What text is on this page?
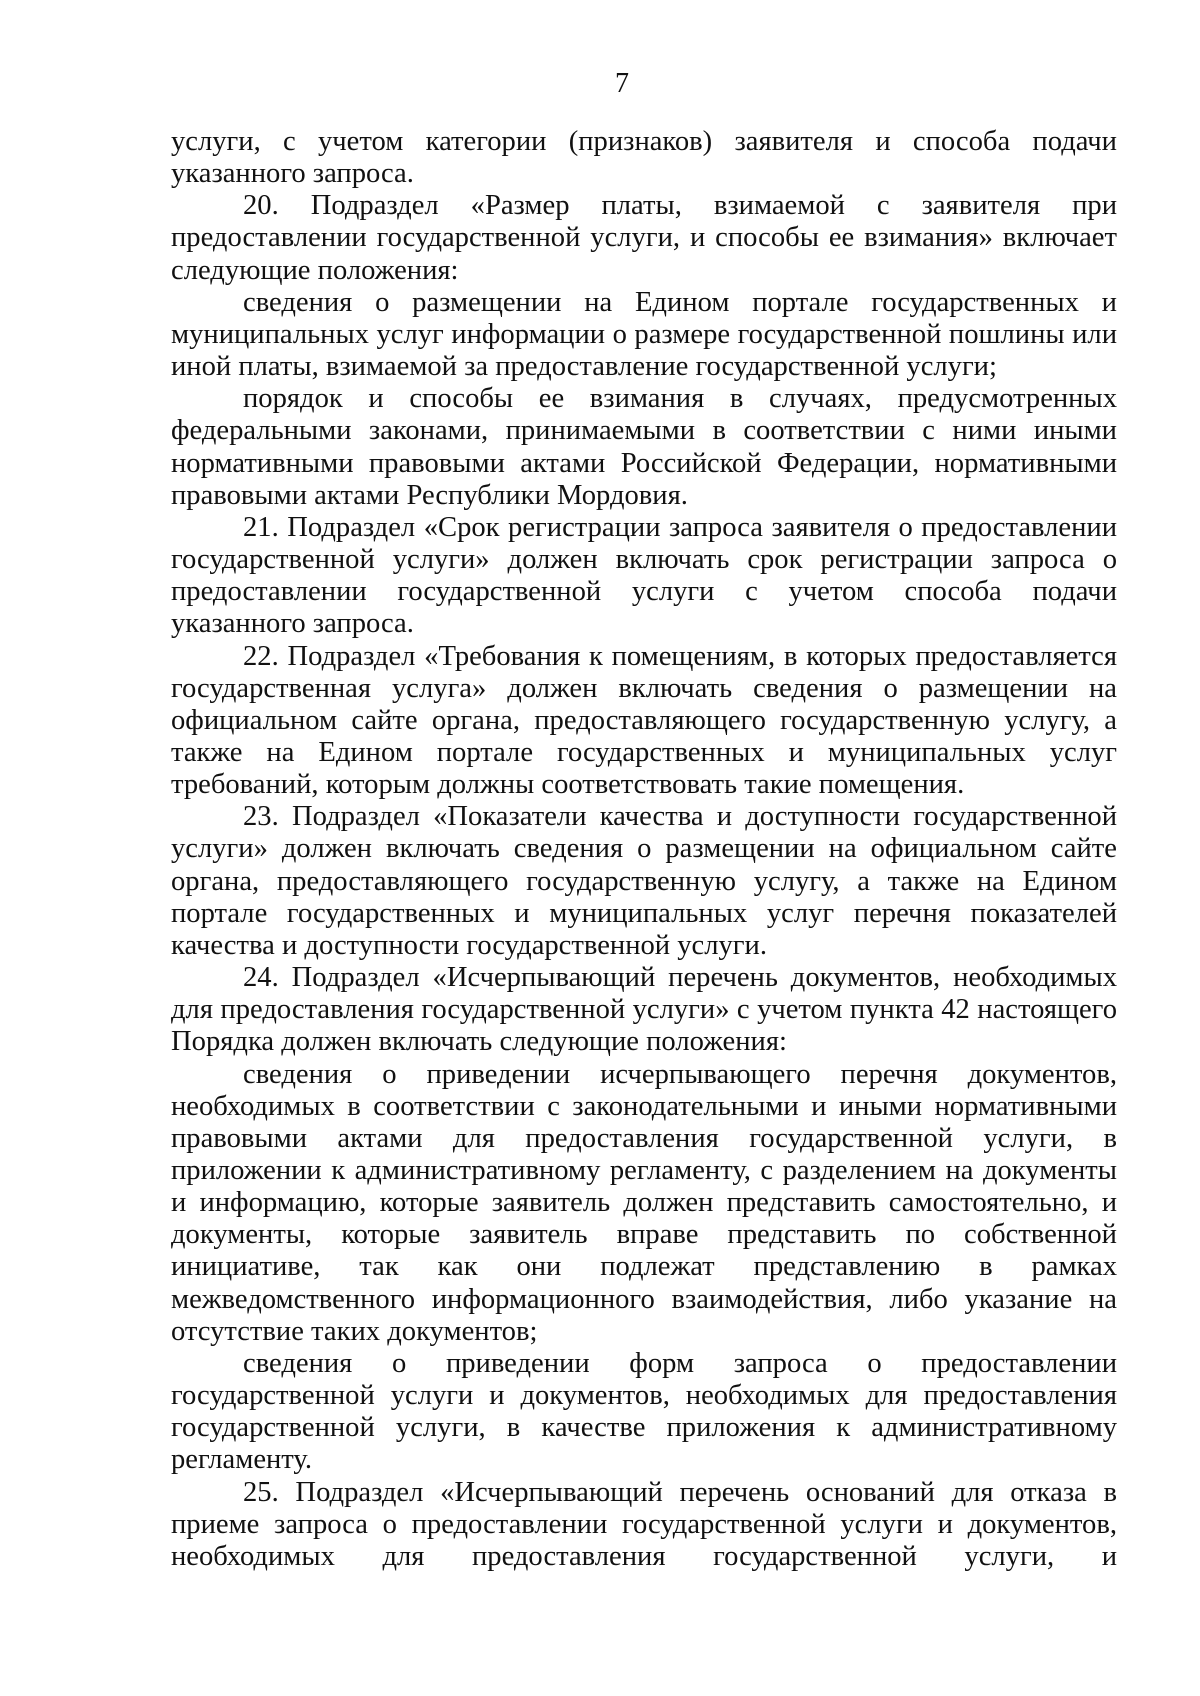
7

услуги, с учетом категории (признаков) заявителя и способа подачи указанного запроса.

20. Подраздел «Размер платы, взимаемой с заявителя при предоставлении государственной услуги, и способы ее взимания» включает следующие положения:

сведения о размещении на Едином портале государственных и муниципальных услуг информации о размере государственной пошлины или иной платы, взимаемой за предоставление государственной услуги;

порядок и способы ее взимания в случаях, предусмотренных федеральными законами, принимаемыми в соответствии с ними иными нормативными правовыми актами Российской Федерации, нормативными правовыми актами Республики Мордовия.

21. Подраздел «Срок регистрации запроса заявителя о предоставлении государственной услуги» должен включать срок регистрации запроса о предоставлении государственной услуги с учетом способа подачи указанного запроса.

22. Подраздел «Требования к помещениям, в которых предоставляется государственная услуга» должен включать сведения о размещении на официальном сайте органа, предоставляющего государственную услугу, а также на Едином портале государственных и муниципальных услуг требований, которым должны соответствовать такие помещения.

23. Подраздел «Показатели качества и доступности государственной услуги» должен включать сведения о размещении на официальном сайте органа, предоставляющего государственную услугу, а также на Едином портале государственных и муниципальных услуг перечня показателей качества и доступности государственной услуги.

24. Подраздел «Исчерпывающий перечень документов, необходимых для предоставления государственной услуги» с учетом пункта 42 настоящего Порядка должен включать следующие положения:

сведения о приведении исчерпывающего перечня документов, необходимых в соответствии с законодательными и иными нормативными правовыми актами для предоставления государственной услуги, в приложении к административному регламенту, с разделением на документы и информацию, которые заявитель должен представить самостоятельно, и документы, которые заявитель вправе представить по собственной инициативе, так как они подлежат представлению в рамках межведомственного информационного взаимодействия, либо указание на отсутствие таких документов;

сведения о приведении форм запроса о предоставлении государственной услуги и документов, необходимых для предоставления государственной услуги, в качестве приложения к административному регламенту.

25. Подраздел «Исчерпывающий перечень оснований для отказа в приеме запроса о предоставлении государственной услуги и документов, необходимых для предоставления государственной услуги, и
